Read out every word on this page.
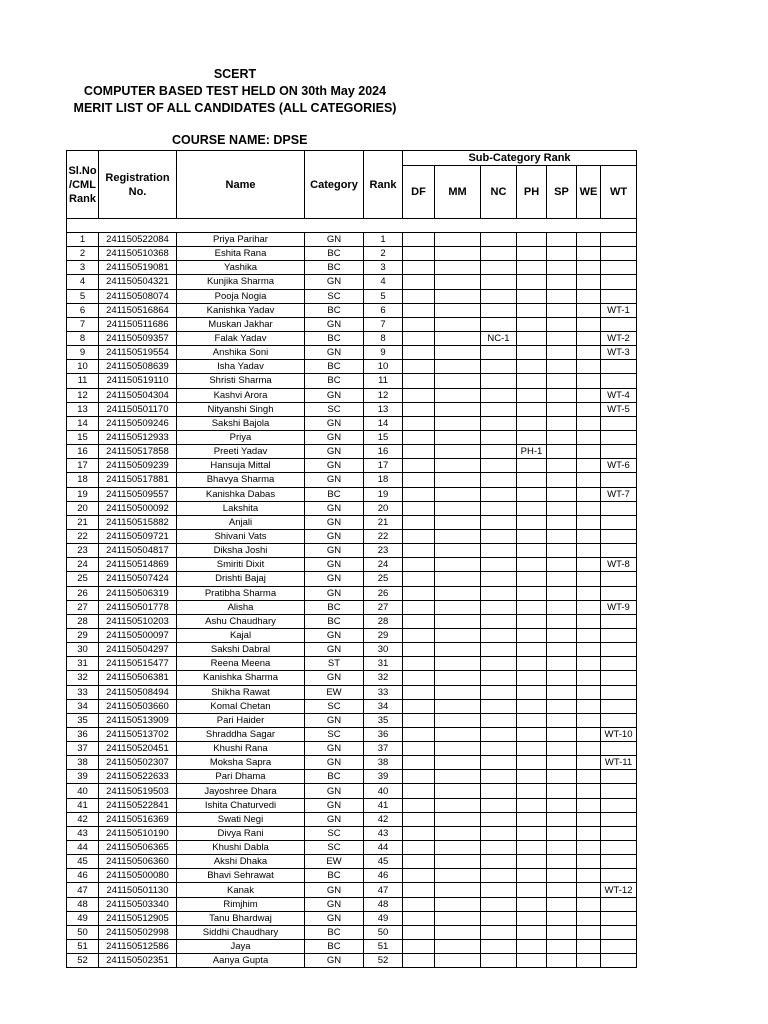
SCERT
COMPUTER BASED TEST HELD ON 30th May 2024
MERIT LIST OF ALL CANDIDATES (ALL CATEGORIES)
COURSE NAME: DPSE
Sl.No /CML Rank	Registration No.	Name	Category	Rank	Sub-Category Rank						
					DF	MM	NC	PH	SP	WE	WT

1	241150522084	Priya Parihar	GN	1							
2	241150510368	Eshita Rana	BC	2							
3	241150519081	Yashika	BC	3							
4	241150504321	Kunjika Sharma	GN	4							
5	241150508074	Pooja Nogia	SC	5							
6	241150516864	Kanishka Yadav	BC	6							WT-1
7	241150511686	Muskan Jakhar	GN	7							
8	241150509357	Falak Yadav	BC	8			NC-1				WT-2
9	241150519554	Anshika Soni	GN	9							WT-3
10	241150508639	Isha Yadav	BC	10							
11	241150519110	Shristi Sharma	BC	11							
12	241150504304	Kashvi Arora	GN	12							WT-4
13	241150501170	Nityanshi Singh	SC	13							WT-5
14	241150509246	Sakshi Bajola	GN	14							
15	241150512933	Priya	GN	15							
16	241150517858	Preeti Yadav	GN	16				PH-1			
17	241150509239	Hansuja Mittal	GN	17							WT-6
18	241150517881	Bhavya Sharma	GN	18							
19	241150509557	Kanishka Dabas	BC	19							WT-7
20	241150500092	Lakshita	GN	20							
21	241150515882	Anjali	GN	21							
22	241150509721	Shivani Vats	GN	22							
23	241150504817	Diksha Joshi	GN	23							
24	241150514869	Smiriti Dixit	GN	24							WT-8
25	241150507424	Drishti Bajaj	GN	25							
26	241150506319	Pratibha Sharma	GN	26							
27	241150501778	Alisha	BC	27							WT-9
28	241150510203	Ashu Chaudhary	BC	28							
29	241150500097	Kajal	GN	29							
30	241150504297	Sakshi Dabral	GN	30							
31	241150515477	Reena Meena	ST	31							
32	241150506381	Kanishka Sharma	GN	32							
33	241150508494	Shikha Rawat	EW	33							
34	241150503660	Komal Chetan	SC	34							
35	241150513909	Pari Haider	GN	35							
36	241150513702	Shraddha Sagar	SC	36							WT-10
37	241150520451	Khushi Rana	GN	37							
38	241150502307	Moksha Sapra	GN	38							WT-11
39	241150522633	Pari Dhama	BC	39							
40	241150519503	Jayoshree Dhara	GN	40							
41	241150522841	Ishita Chaturvedi	GN	41							
42	241150516369	Swati Negi	GN	42							
43	241150510190	Divya Rani	SC	43							
44	241150506365	Khushi Dabla	SC	44							
45	241150506360	Akshi Dhaka	EW	45							
46	241150500080	Bhavi Sehrawat	BC	46							
47	241150501130	Kanak	GN	47							WT-12
48	241150503340	Rimjhim	GN	48							
49	241150512905	Tanu Bhardwaj	GN	49							
50	241150502998	Siddhi Chaudhary	BC	50							
51	241150512586	Jaya	BC	51							
52	241150502351	Aanya Gupta	GN	52							
